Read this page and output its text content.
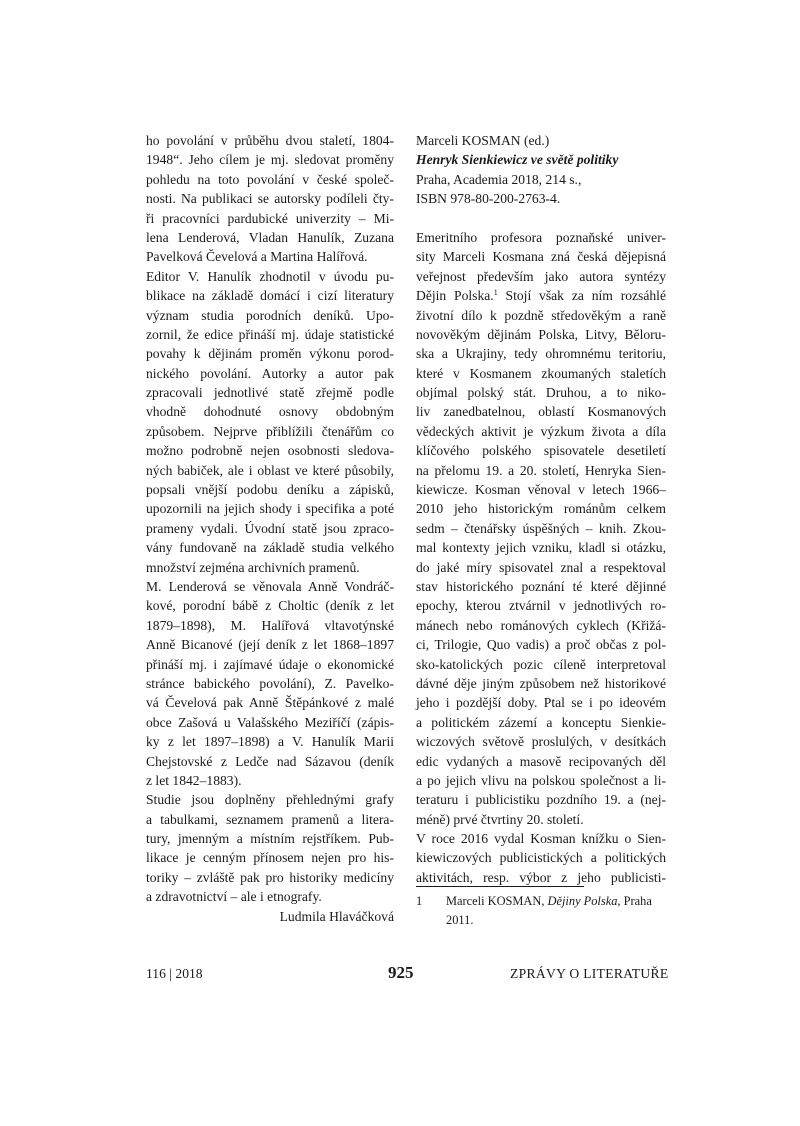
ho povolání v průběhu dvou staletí, 1804-
1948“. Jeho cílem je mj. sledovat proměny
pohledu na toto povolání v české společ-
nosti. Na publikaci se autorsky podíleli čty-
ři pracovníci pardubické univerzity – Mi-
lena Lenderová, Vladan Hanulík, Zuzana
Pavelková Čevelová a Martina Halířová.
Editor V. Hanulík zhodnotil v úvodu pu-
blikace na základě domácí i cizí literatury
význam studia porodních deníků. Upo-
zornil, že edice přináší mj. údaje statistické
povahy k dějinám proměn výkonu porod-
nického povolání. Autorky a autor pak
zpracovali jednotlivé statě zřejmě podle
vhodně dohodnuté osnovy obdobným
způsobem. Nejprve přiblížili čtenářům co
možno podrobně nejen osobnosti sledova-
ných babiček, ale i oblast ve které působily,
popsali vnější podobu deníku a zápisků,
upozornili na jejich shody i specifika a poté
prameny vydali. Úvodní statě jsou zpraco-
vány fundovaně na základě studia velkého
množství zejména archivních pramenů.
M. Lenderová se věnovala Anně Vondráč-
kové, porodní bábě z Choltic (deník z let
1879–1898), M. Halířová vltavotýnské
Anně Bicanové (její deník z let 1868–1897
přináší mj. i zajímavé údaje o ekonomické
stránce babického povolání), Z. Pavelko-
vá Čevelová pak Anně Štěpánkové z malé
obce Zašová u Valašského Meziříčí (zápis-
ky z let 1897–1898) a V. Hanulík Marii
Chejstovské z Ledče nad Sázavou (deník
z let 1842–1883).
Studie jsou doplněny přehlednými grafy
a tabulkami, seznamem pramenů a litera-
tury, jmenným a místním rejstříkem. Pub-
likace je cenným přínosem nejen pro his-
toriky – zvláště pak pro historiky medicíny
a zdravotnictví – ale i etnografy.
Ludmila Hlaváčková
Marceli KOSMAN (ed.)
Henryk Sienkiewicz ve světě politiky
Praha, Academia 2018, 214 s.,
ISBN 978-80-200-2763-4.
Emeritního profesora poznaňské univer-
sity Marceli Kosmana zná česká dějepisná
veřejnost především jako autora syntézy
Dějin Polska.$^1$ Stojí však za ním rozsáhlé
životní dílo k pozdně středověkým a raně
novověkým dějinám Polska, Litvy, Běloru-
ska a Ukrajiny, tedy ohromnému teritoriu,
které v Kosmanem zkoumaných staletích
objímal polský stát. Druhou, a to niko-
liv zanedbatelnou, oblastí Kosmanových
vědeckých aktivit je výzkum života a díla
klíčového polského spisovatele desetiletí
na přelomu 19. a 20. století, Henryka Sien-
kiewicze. Kosman věnoval v letech 1966–
2010 jeho historickým románům celkem
sedm – čtenářsky úspěšných – knih. Zkou-
mal kontexty jejich vzniku, kladl si otázku,
do jaké míry spisovatel znal a respektoval
stav historického poznání té které dějinné
epochy, kterou ztvárnil v jednotlivých ro-
mánech nebo románových cyklech (Křižá-
ci, Trilogie, Quo vadis) a proč občas z pol-
sko-katolických pozic cíleně interpretoval
dávné děje jiným způsobem než historikové
jeho i pozdější doby. Ptal se i po ideovém
a politickém zázemí a konceptu Sienkie-
wiczových světově proslulých, v desítkách
edic vydaných a masově recipovaných děl
a po jejich vlivu na polskou společnost a li-
teraturu i publicistiku pozdního 19. a (nej-
méně) prvé čtvrtiny 20. století.
V roce 2016 vydal Kosman knížku o Sien-
kiewiczových publicistických a politických
aktivitách, resp. výbor z jeho publicisti-
1 Marceli KOSMAN, Dějiny Polska, Praha
2011.
116 | 2018	925	ZPRÁVY O LITERATUŘE
